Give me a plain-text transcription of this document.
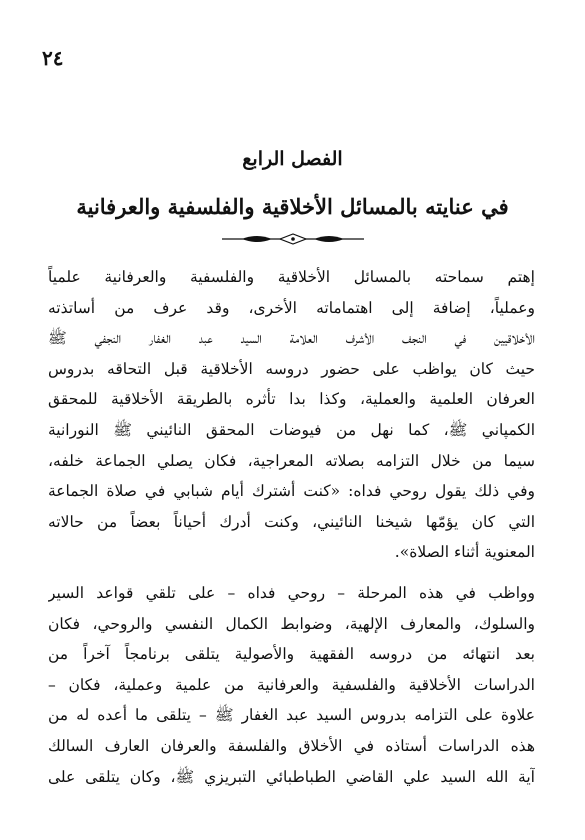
٢٤
الفصل الرابع
في عنايته بالمسائل الأخلاقية والفلسفية والعرفانية
إهتم سماحته بالمسائل الأخلاقية والفلسفية والعرفانية علمياً
وعملياً، إضافة إلى اهتماماته الأخرى، وقد عرف من أساتذته
الأخلاقيين في النجف الأشرف العلامة السيد عبد الغفار النجفي ﷺ
حيث كان يواظب على حضور دروسه الأخلاقية قبل التحاقه بدروس
العرفان العلمية والعملية، وكذا بدا تأثره بالطريقة الأخلاقية للمحقق
الكمپاني ﷺ، كما نهل من فيوضات المحقق النائيني ﷺ النورانية
سيما من خلال التزامه بصلاته المعراجية، فكان يصلي الجماعة خلفه،
وفي ذلك يقول روحي فداه: «كنت أشترك أيام شبابي في صلاة الجماعة
التي كان يؤمّها شيخنا النائيني، وكنت أدرك أحياناً بعضاً من حالاته
المعنوية أثناء الصلاة».
وواظب في هذه المرحلة – روحي فداه – على تلقي قواعد السير
والسلوك، والمعارف الإلهية، وضوابط الكمال النفسي والروحي، فكان
بعد انتهائه من دروسه الفقهية والأصولية يتلقى برنامجاً آخراً من
الدراسات الأخلاقية والفلسفية والعرفانية من علمية وعملية، فكان –
علاوة على التزامه بدروس السيد عبد الغفار ﷺ – يتلقى ما أعده له من
هذه الدراسات أستاذه في الأخلاق والفلسفة والعرفان العارف السالك
آية الله السيد علي القاضي الطباطبائي التبريزي ﷺ، وكان يتلقى على
